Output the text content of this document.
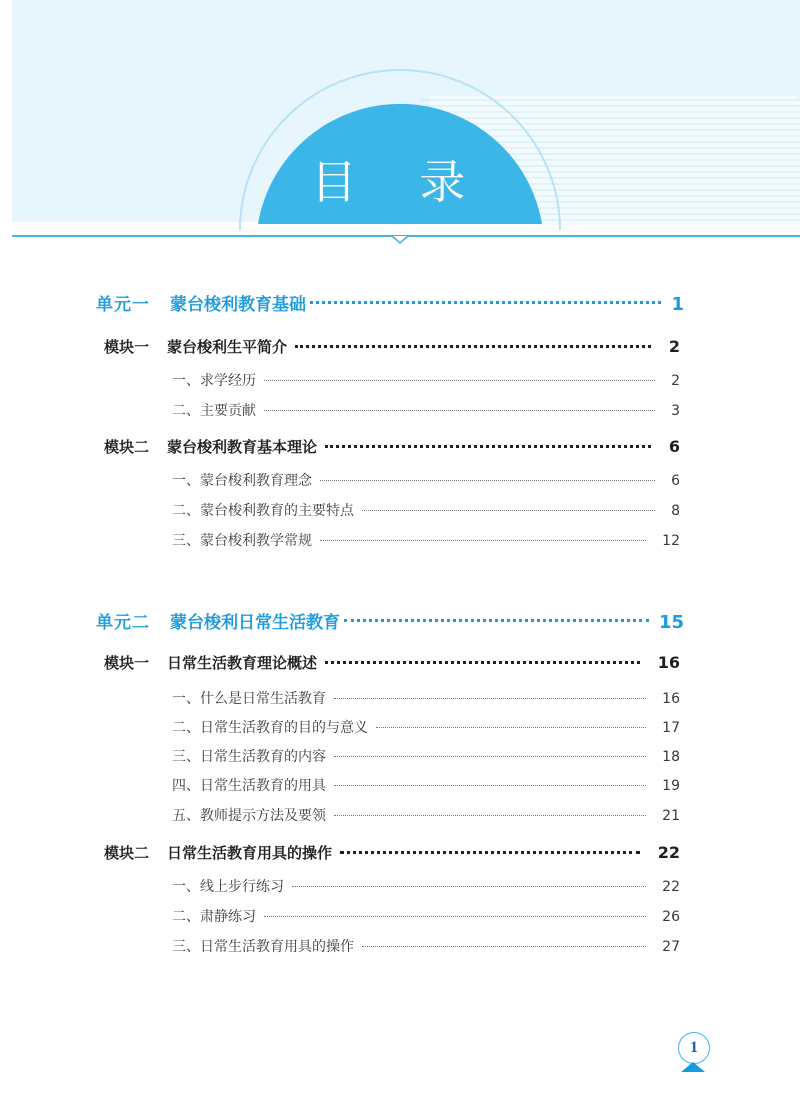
目 录
单元一 蒙台梭利教育基础	1
模块一 蒙台梭利生平简介	2
一、求学经历	2
二、主要贡献	3
模块二 蒙台梭利教育基本理论	6
一、蒙台梭利教育理念	6
二、蒙台梭利教育的主要特点	8
三、蒙台梭利教学常规	12
单元二 蒙台梭利日常生活教育	15
模块一 日常生活教育理论概述	16
一、什么是日常生活教育	16
二、日常生活教育的目的与意义	17
三、日常生活教育的内容	18
四、日常生活教育的用具	19
五、教师提示方法及要领	21
模块二 日常生活教育用具的操作	22
一、线上步行练习	22
二、肃静练习	26
三、日常生活教育用具的操作	27
1
